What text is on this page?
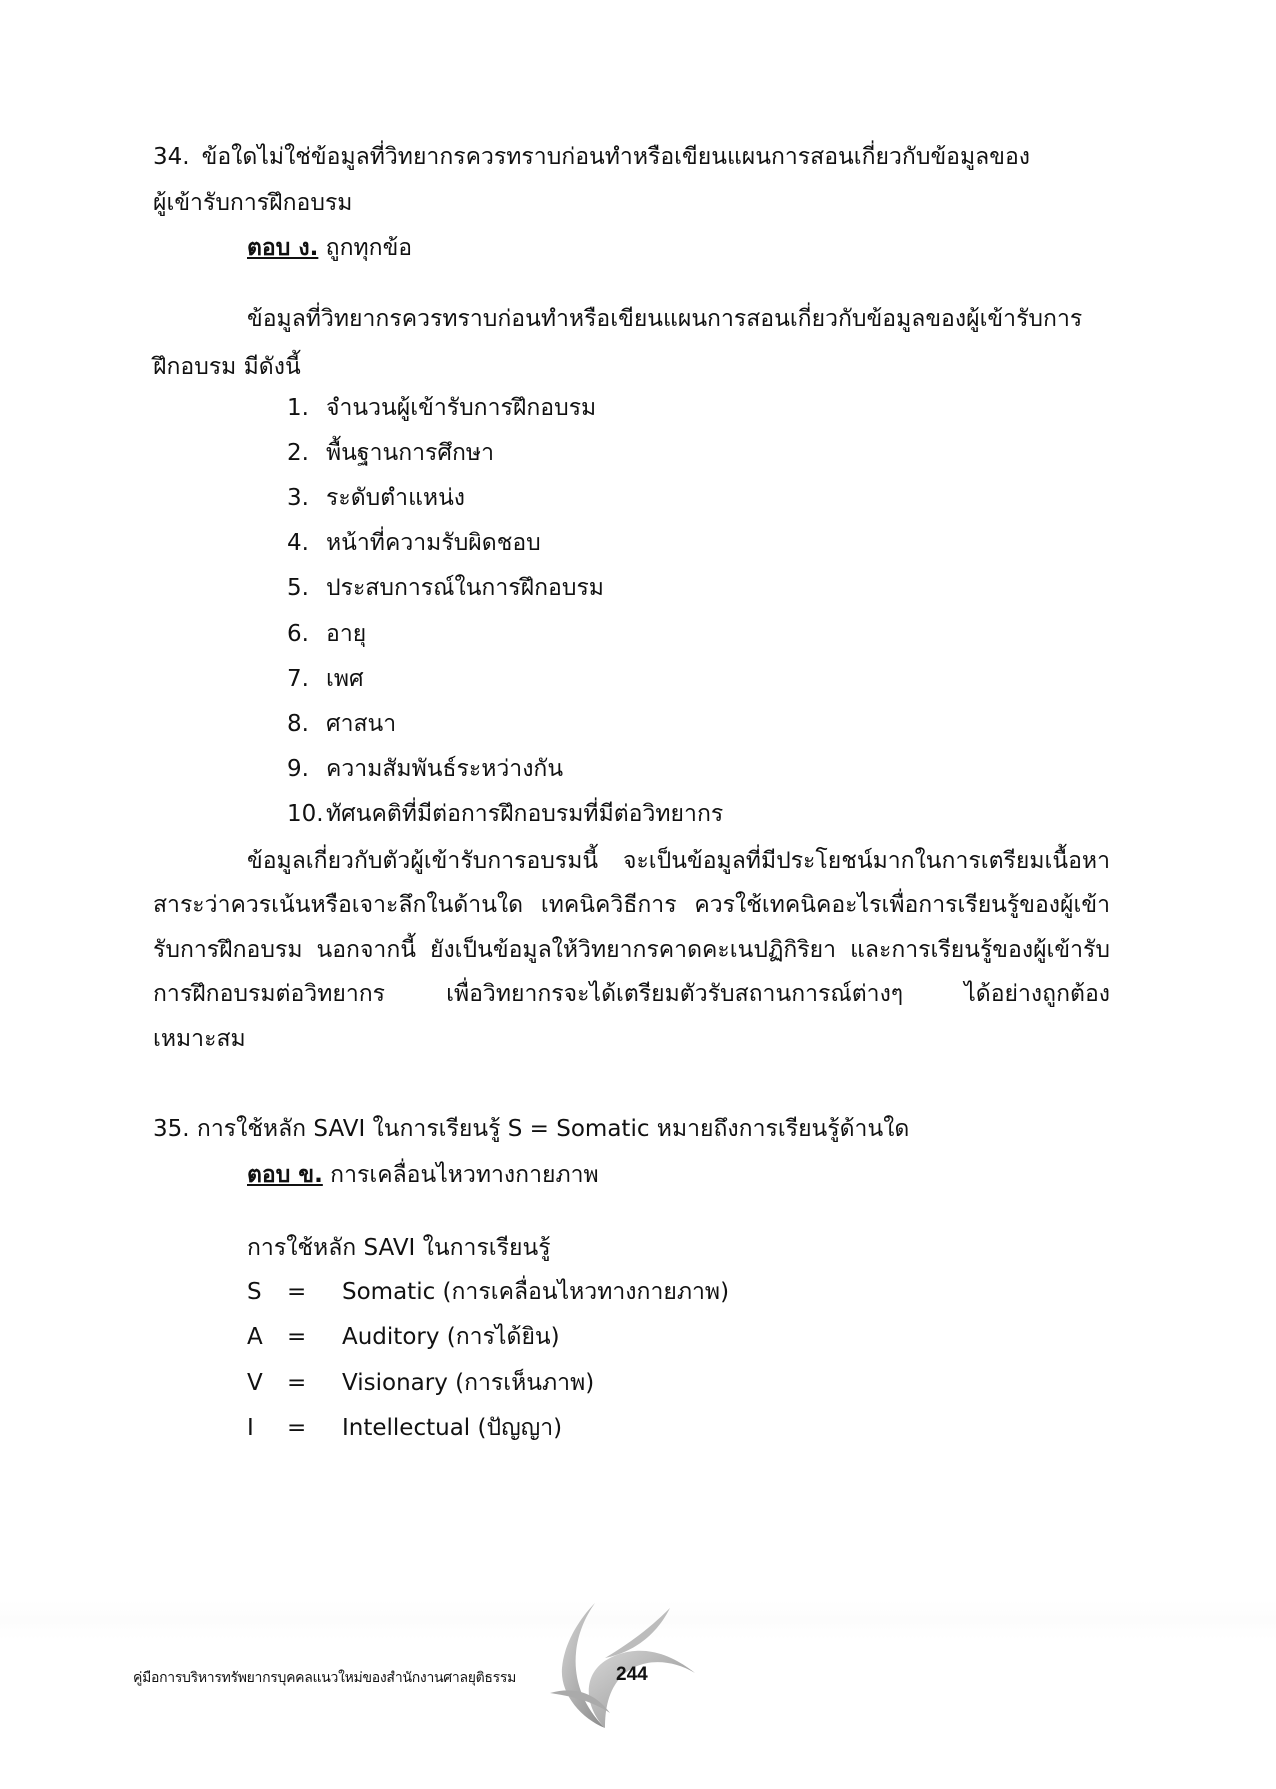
34. ข้อใดไม่ใช่ข้อมูลที่วิทยากรควรทราบก่อนทำหรือเขียนแผนการสอนเกี่ยวกับข้อมูลของ
ผู้เข้ารับการฝึกอบรม
ตอบ ง. ถูกทุกข้อ
ข้อมูลที่วิทยากรควรทราบก่อนทำหรือเขียนแผนการสอนเกี่ยวกับข้อมูลของผู้เข้ารับการ
ฝึกอบรม มีดังนี้
1. จำนวนผู้เข้ารับการฝึกอบรม
2. พื้นฐานการศึกษา
3. ระดับตำแหน่ง
4. หน้าที่ความรับผิดชอบ
5. ประสบการณ์ในการฝึกอบรม
6. อายุ
7. เพศ
8. ศาสนา
9. ความสัมพันธ์ระหว่างกัน
10. ทัศนคติที่มีต่อการฝึกอบรมที่มีต่อวิทยากร
ข้อมูลเกี่ยวกับตัวผู้เข้ารับการอบรมนี้ จะเป็นข้อมูลที่มีประโยชน์มากในการเตรียมเนื้อหา
สาระว่าควรเน้นหรือเจาะลึกในด้านใด เทคนิควิธีการ ควรใช้เทคนิคอะไรเพื่อการเรียนรู้ของผู้เข้า
รับการฝึกอบรม นอกจากนี้ ยังเป็นข้อมูลให้วิทยากรคาดคะเนปฏิกิริยา และการเรียนรู้ของผู้เข้ารับ
การฝึกอบรมต่อวิทยากร เพื่อวิทยากรจะได้เตรียมตัวรับสถานการณ์ต่างๆ ได้อย่างถูกต้อง
เหมาะสม
35. การใช้หลัก SAVI ในการเรียนรู้ S = Somatic หมายถึงการเรียนรู้ด้านใด
ตอบ ข. การเคลื่อนไหวทางกายภาพ
การใช้หลัก SAVI ในการเรียนรู้
S = Somatic (การเคลื่อนไหวทางกายภาพ)
A = Auditory (การได้ยิน)
V = Visionary (การเห็นภาพ)
I = Intellectual (ปัญญา)
คู่มือการบริหารทรัพยากรบุคคลแนวใหม่ของสำนักงานศาลยุติธรรม	244
